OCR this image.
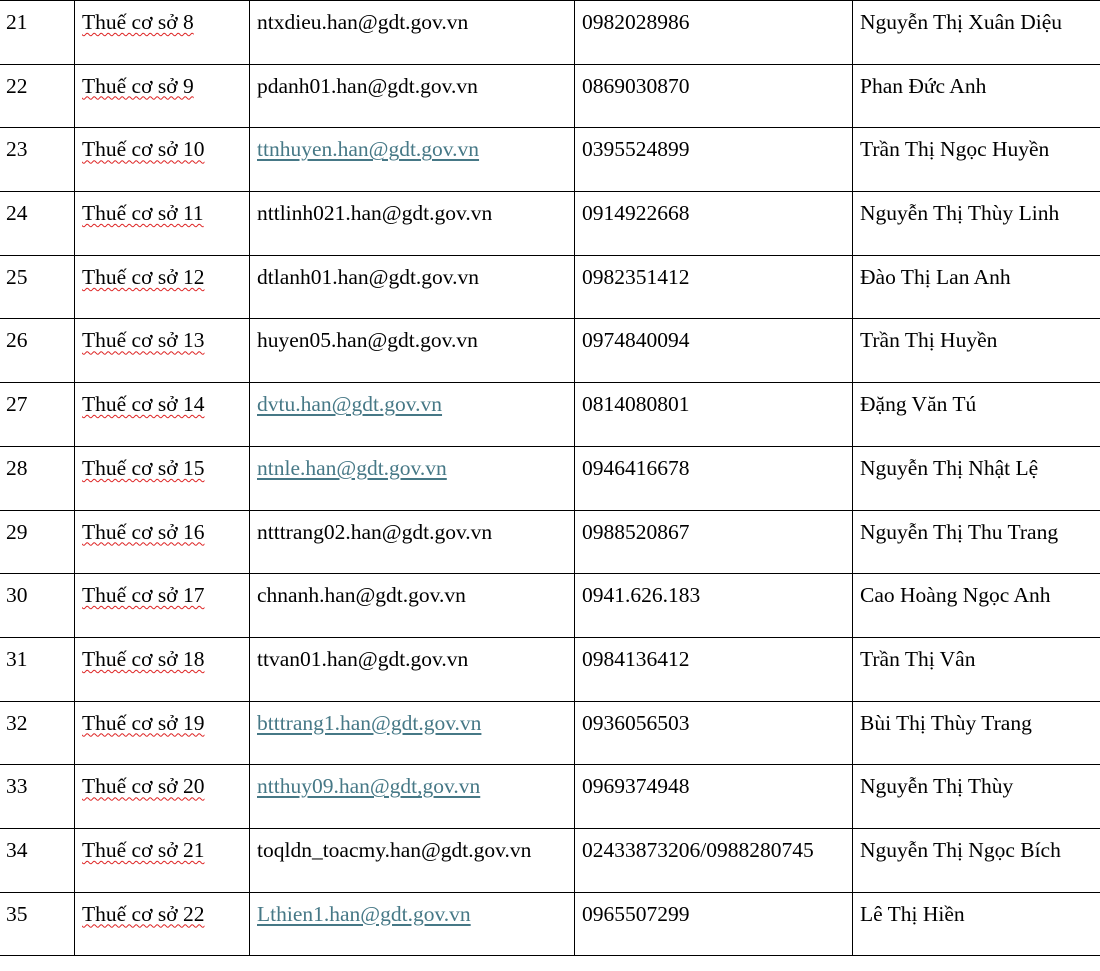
21	Thuế cơ sở 8	ntxdieu.han@gdt.gov.vn	0982028986	Nguyễn Thị Xuân Diệu

22	Thuế cơ sở 9	pdanh01.han@gdt.gov.vn	0869030870	Phan Đức Anh

23	Thuế cơ sở 10	ttnhuyen.han@gdt.gov.vn	0395524899	Trần Thị Ngọc Huyền

24	Thuế cơ sở 11	nttlinh021.han@gdt.gov.vn	0914922668	Nguyễn Thị Thùy Linh

25	Thuế cơ sở 12	dtlanh01.han@gdt.gov.vn	0982351412	Đào Thị Lan Anh

26	Thuế cơ sở 13	huyen05.han@gdt.gov.vn	0974840094	Trần Thị Huyền

27	Thuế cơ sở 14	dvtu.han@gdt.gov.vn	0814080801	Đặng Văn Tú

28	Thuế cơ sở 15	ntnle.han@gdt.gov.vn	0946416678	Nguyễn Thị Nhật Lệ

29	Thuế cơ sở 16	ntttrang02.han@gdt.gov.vn	0988520867	Nguyễn Thị Thu Trang

30	Thuế cơ sở 17	chnanh.han@gdt.gov.vn	0941.626.183	Cao Hoàng Ngọc Anh

31	Thuế cơ sở 18	ttvan01.han@gdt.gov.vn	0984136412	Trần Thị Vân

32	Thuế cơ sở 19	btttrang1.han@gdt.gov.vn	0936056503	Bùi Thị Thùy Trang

33	Thuế cơ sở 20	ntthuy09.han@gdt,gov.vn	0969374948	Nguyễn Thị Thùy

34	Thuế cơ sở 21	toqldn_toacmy.han@gdt.gov.vn	02433873206/0988280745	Nguyễn Thị Ngọc Bích

35	Thuế cơ sở 22	Lthien1.han@gdt.gov.vn	0965507299	Lê Thị Hiền
